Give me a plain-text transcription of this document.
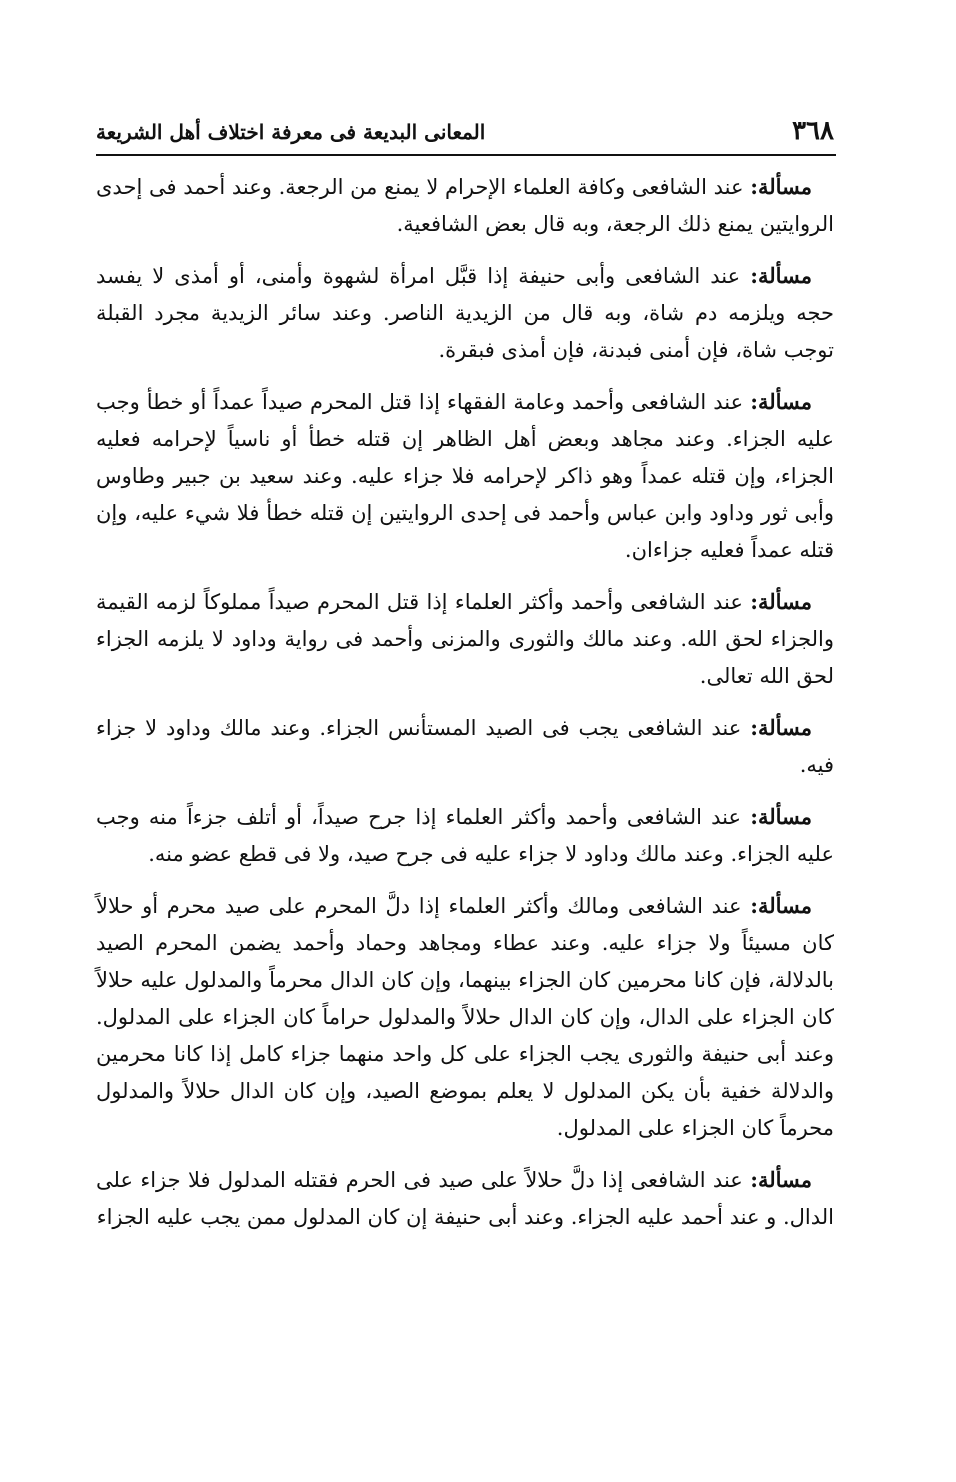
٣٦٨
المعانى البديعة فى معرفة اختلاف أهل الشريعة

مسألة: عند الشافعى وكافة العلماء الإحرام لا يمنع من الرجعة. وعند أحمد فى إحدى الروايتين يمنع ذلك الرجعة، وبه قال بعض الشافعية.

مسألة: عند الشافعى وأبى حنيفة إذا قبَّل امرأة لشهوة وأمنى، أو أمذى لا يفسد حجه ويلزمه دم شاة، وبه قال من الزيدية الناصر. وعند سائر الزيدية مجرد القبلة توجب شاة، فإن أمنى فبدنة، فإن أمذى فبقرة.

مسألة: عند الشافعى وأحمد وعامة الفقهاء إذا قتل المحرم صيداً عمداً أو خطأ وجب عليه الجزاء. وعند مجاهد وبعض أهل الظاهر إن قتله خطأ أو ناسياً لإحرامه فعليه الجزاء، وإن قتله عمداً وهو ذاكر لإحرامه فلا جزاء عليه. وعند سعيد بن جبير وطاوس وأبى ثور وداود وابن عباس وأحمد فى إحدى الروايتين إن قتله خطأ فلا شيء عليه، وإن قتله عمداً فعليه جزاءان.

مسألة: عند الشافعى وأحمد وأكثر العلماء إذا قتل المحرم صيداً مملوكاً لزمه القيمة والجزاء لحق الله. وعند مالك والثورى والمزنى وأحمد فى رواية وداود لا يلزمه الجزاء لحق الله تعالى.

مسألة: عند الشافعى يجب فى الصيد المستأنس الجزاء. وعند مالك وداود لا جزاء فيه.

مسألة: عند الشافعى وأحمد وأكثر العلماء إذا جرح صيداً، أو أتلف جزءاً منه وجب عليه الجزاء. وعند مالك وداود لا جزاء عليه فى جرح صيد، ولا فى قطع عضو منه.

مسألة: عند الشافعى ومالك وأكثر العلماء إذا دلَّ المحرم على صيد محرم أو حلالاً كان مسيئاً ولا جزاء عليه. وعند عطاء ومجاهد وحماد وأحمد يضمن المحرم الصيد بالدلالة، فإن كانا محرمين كان الجزاء بينهما، وإن كان الدال محرماً والمدلول عليه حلالاً كان الجزاء على الدال، وإن كان الدال حلالاً والمدلول حراماً كان الجزاء على المدلول. وعند أبى حنيفة والثورى يجب الجزاء على كل واحد منهما جزاء كامل إذا كانا محرمين والدلالة خفية بأن يكن المدلول لا يعلم بموضع الصيد، وإن كان الدال حلالاً والمدلول محرماً كان الجزاء على المدلول.

مسألة: عند الشافعى إذا دلَّ حلالاً على صيد فى الحرم فقتله المدلول فلا جزاء على الدال. و عند أحمد عليه الجزاء. وعند أبى حنيفة إن كان المدلول ممن يجب عليه الجزاء
